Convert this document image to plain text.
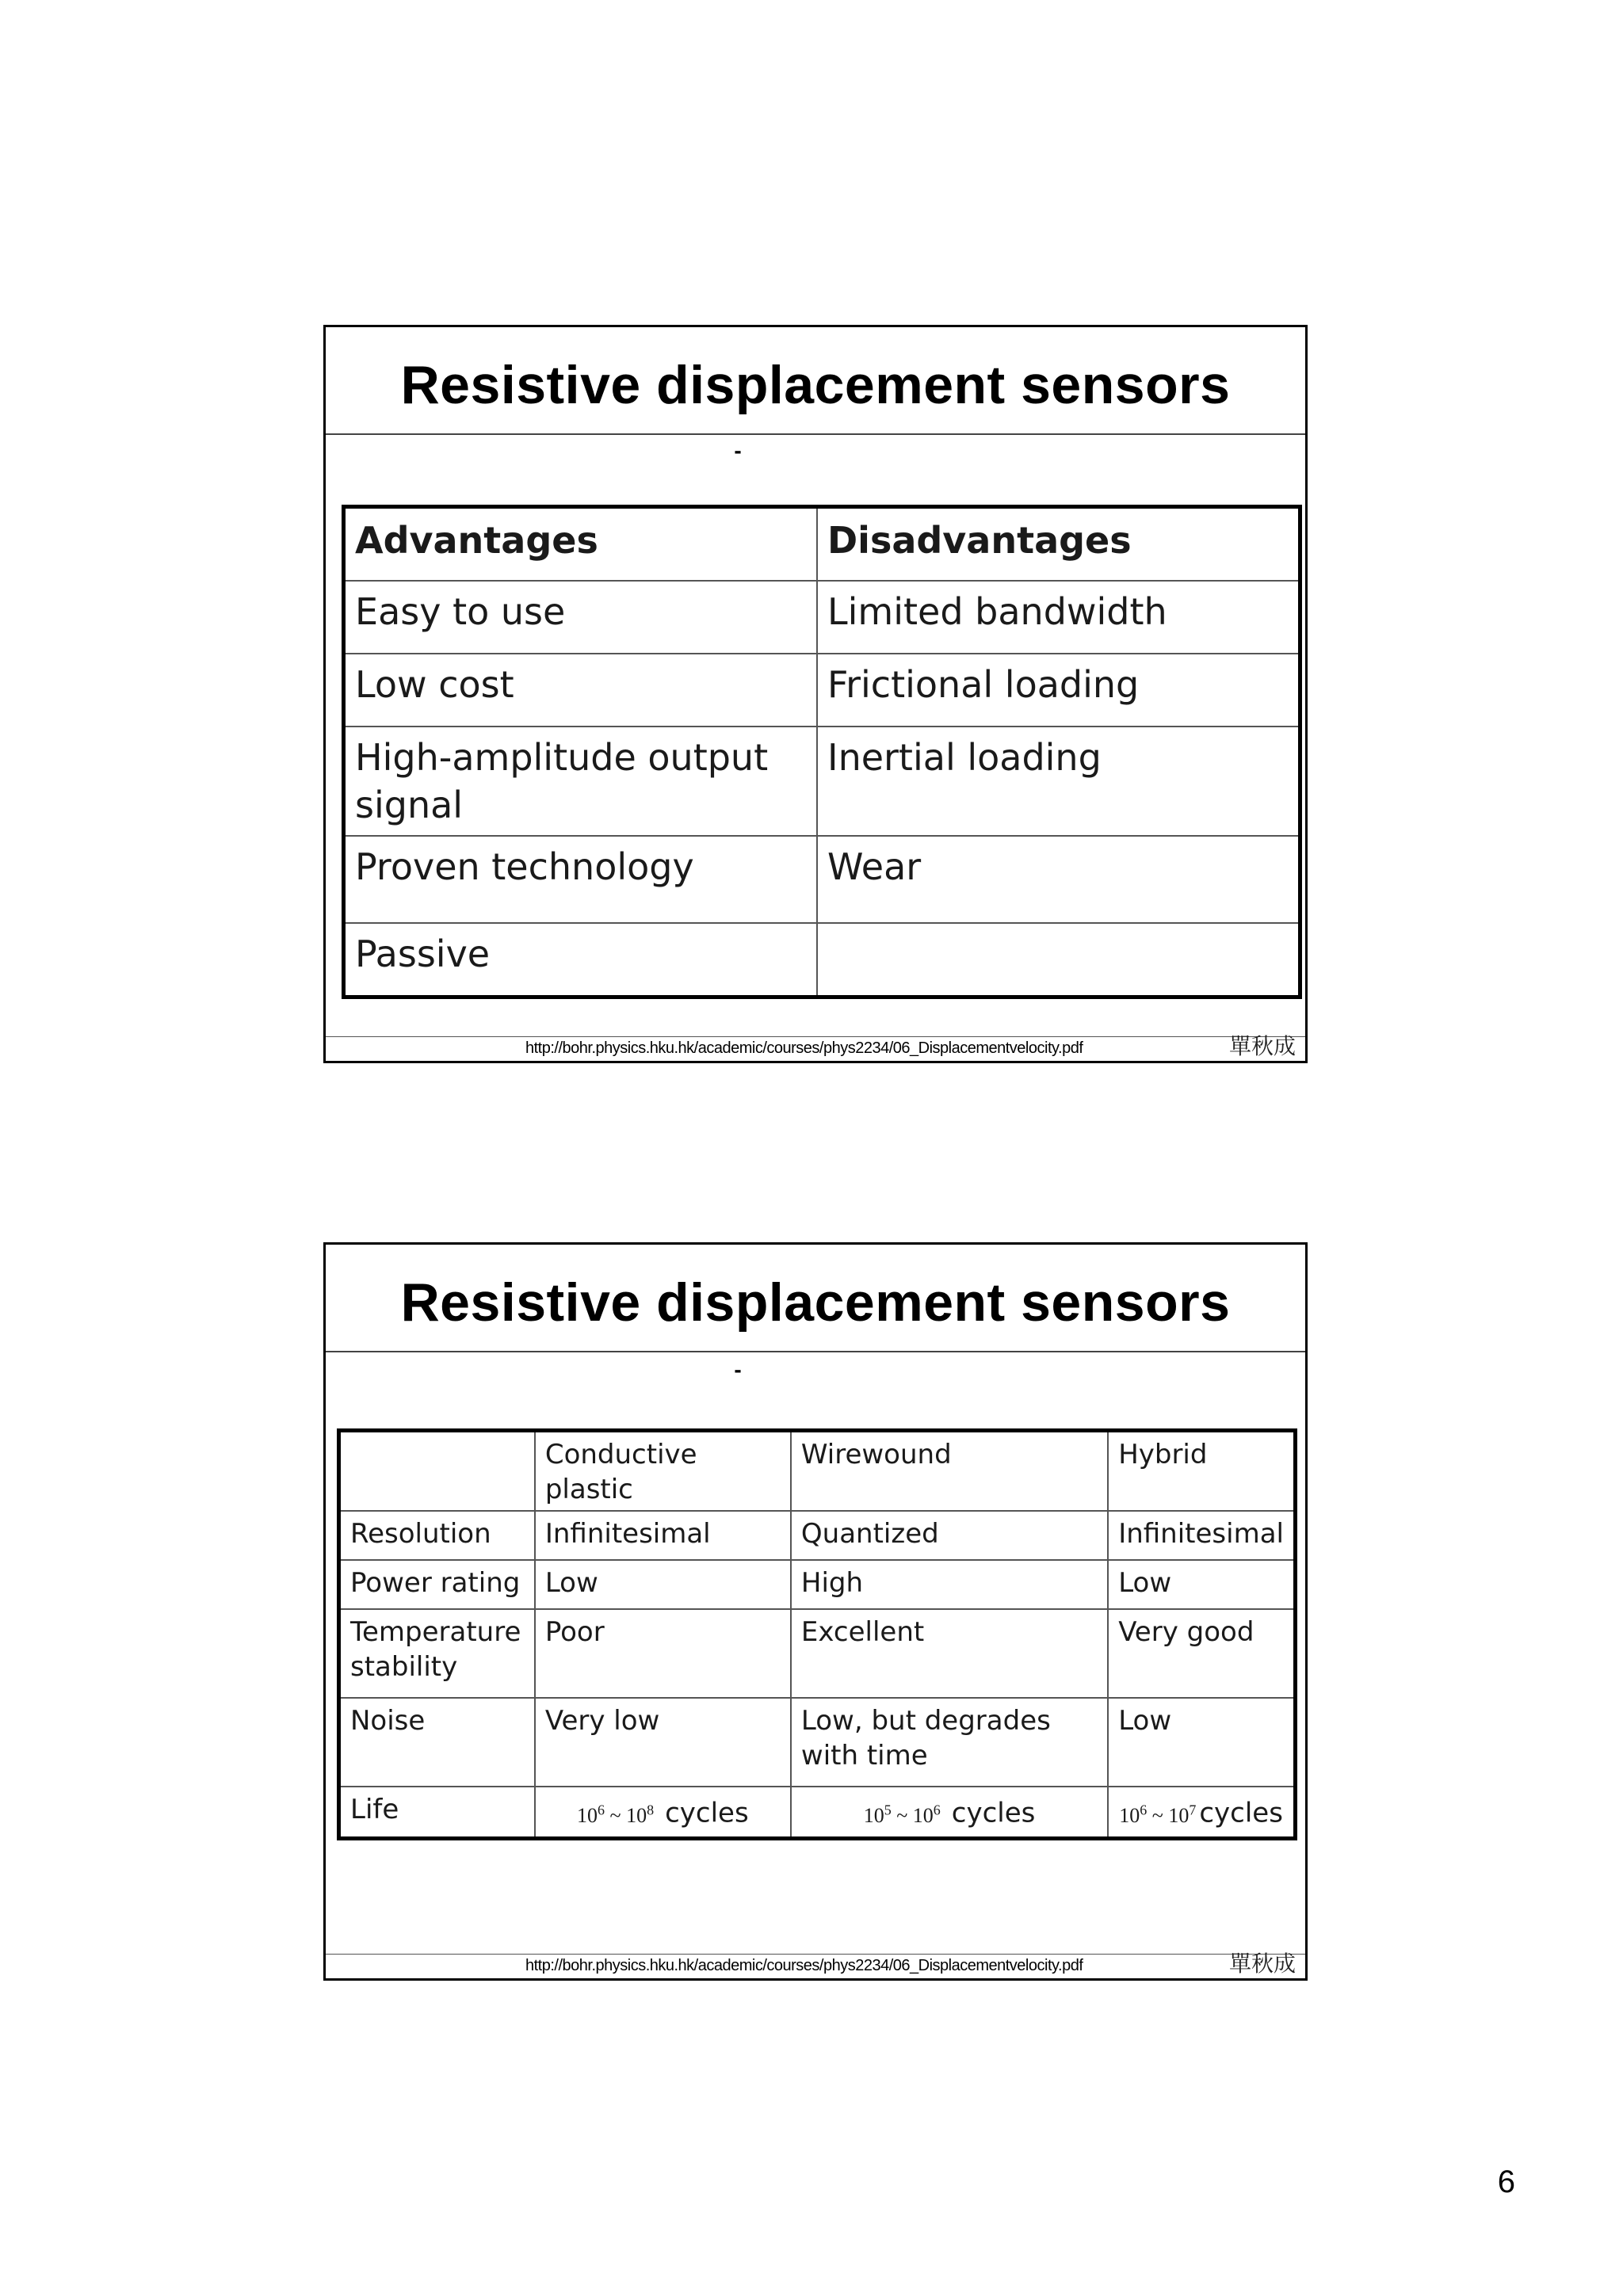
Resistive displacement sensors
-
Advantages	Disadvantages
Easy to use	Limited bandwidth
Low cost	Frictional loading
High-amplitude output signal	Inertial loading
Proven technology	Wear
Passive	
http://bohr.physics.hku.hk/academic/courses/phys2234/06_Displacementvelocity.pdf	單秋成
Resistive displacement sensors
-
	Conductive plastic	Wirewound	Hybrid
Resolution	Infinitesimal	Quantized	Infinitesimal
Power rating	Low	High	Low
Temperature stability	Poor	Excellent	Very good
Noise	Very low	Low, but degrades with time	Low
Life	$10^6$ ~ $10^8$ cycles	$10^5$ ~ $10^6$ cycles	$10^6$ ~ $10^7$ cycles
http://bohr.physics.hku.hk/academic/courses/phys2234/06_Displacementvelocity.pdf	單秋成
6
